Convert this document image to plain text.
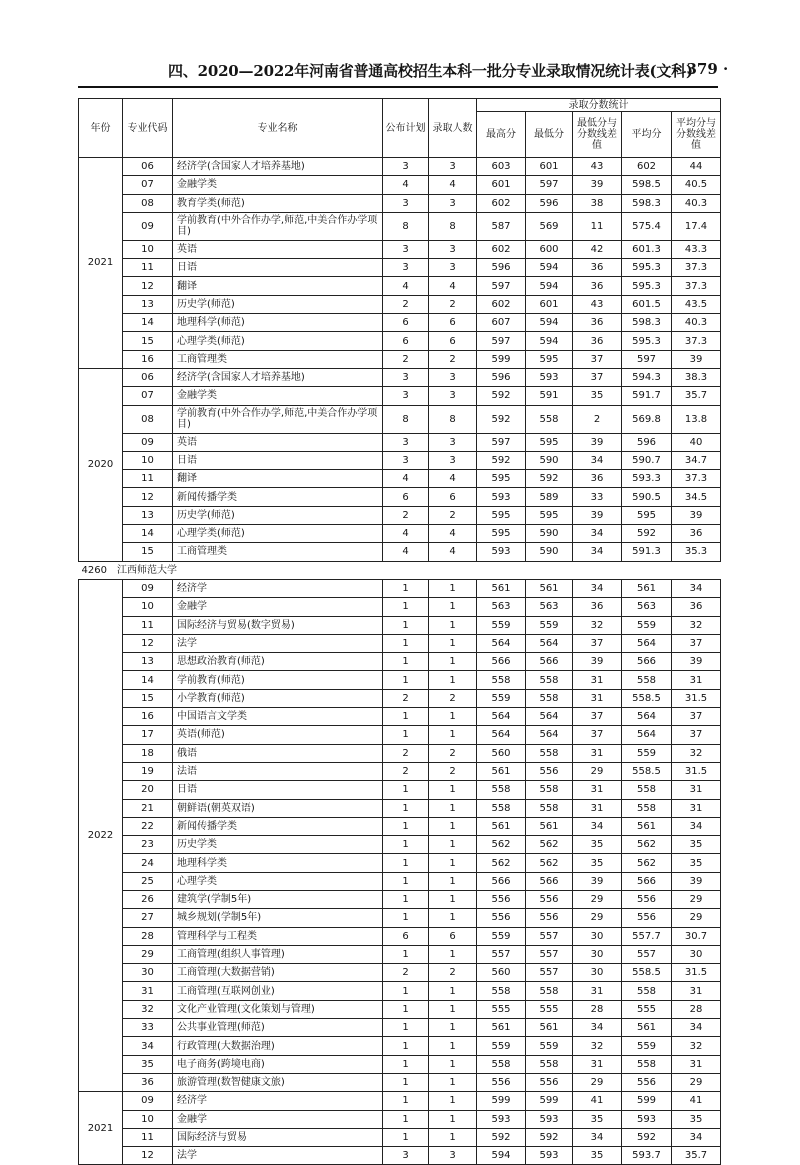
四、2020—2022年河南省普通高校招生本科一批分专业录取情况统计表(文科)
· 379 ·
年份	专业代码	专业名称	公布计划	录取人数	录取分数统计				
					最高分	最低分	最低分与分数线差值	平均分	平均分与分数线差值
2021	06	经济学(含国家人才培养基地)	3	3	603	601	43	602	44
	07	金融学类	4	4	601	597	39	598.5	40.5
	08	教育学类(师范)	3	3	602	596	38	598.3	40.3
	09	学前教育(中外合作办学,师范,中美合作办学项目)	8	8	587	569	11	575.4	17.4
	10	英语	3	3	602	600	42	601.3	43.3
	11	日语	3	3	596	594	36	595.3	37.3
	12	翻译	4	4	597	594	36	595.3	37.3
	13	历史学(师范)	2	2	602	601	43	601.5	43.5
	14	地理科学(师范)	6	6	607	594	36	598.3	40.3
	15	心理学类(师范)	6	6	597	594	36	595.3	37.3
	16	工商管理类	2	2	599	595	37	597	39
2020	06	经济学(含国家人才培养基地)	3	3	596	593	37	594.3	38.3
	07	金融学类	3	3	592	591	35	591.7	35.7
	08	学前教育(中外合作办学,师范,中美合作办学项目)	8	8	592	558	2	569.8	13.8
	09	英语	3	3	597	595	39	596	40
	10	日语	3	3	592	590	34	590.7	34.7
	11	翻译	4	4	595	592	36	593.3	37.3
	12	新闻传播学类	6	6	593	589	33	590.5	34.5
	13	历史学(师范)	2	2	595	595	39	595	39
	14	心理学类(师范)	4	4	595	590	34	592	36
	15	工商管理类	4	4	593	590	34	591.3	35.3
4260　江西师范大学									
2022	09	经济学	1	1	561	561	34	561	34
	10	金融学	1	1	563	563	36	563	36
	11	国际经济与贸易(数字贸易)	1	1	559	559	32	559	32
	12	法学	1	1	564	564	37	564	37
	13	思想政治教育(师范)	1	1	566	566	39	566	39
	14	学前教育(师范)	1	1	558	558	31	558	31
	15	小学教育(师范)	2	2	559	558	31	558.5	31.5
	16	中国语言文学类	1	1	564	564	37	564	37
	17	英语(师范)	1	1	564	564	37	564	37
	18	俄语	2	2	560	558	31	559	32
	19	法语	2	2	561	556	29	558.5	31.5
	20	日语	1	1	558	558	31	558	31
	21	朝鲜语(朝英双语)	1	1	558	558	31	558	31
	22	新闻传播学类	1	1	561	561	34	561	34
	23	历史学类	1	1	562	562	35	562	35
	24	地理科学类	1	1	562	562	35	562	35
	25	心理学类	1	1	566	566	39	566	39
	26	建筑学(学制5年)	1	1	556	556	29	556	29
	27	城乡规划(学制5年)	1	1	556	556	29	556	29
	28	管理科学与工程类	6	6	559	557	30	557.7	30.7
	29	工商管理(组织人事管理)	1	1	557	557	30	557	30
	30	工商管理(大数据营销)	2	2	560	557	30	558.5	31.5
	31	工商管理(互联网创业)	1	1	558	558	31	558	31
	32	文化产业管理(文化策划与管理)	1	1	555	555	28	555	28
	33	公共事业管理(师范)	1	1	561	561	34	561	34
	34	行政管理(大数据治理)	1	1	559	559	32	559	32
	35	电子商务(跨境电商)	1	1	558	558	31	558	31
	36	旅游管理(数智健康文旅)	1	1	556	556	29	556	29
2021	09	经济学	1	1	599	599	41	599	41
	10	金融学	1	1	593	593	35	593	35
	11	国际经济与贸易	1	1	592	592	34	592	34
	12	法学	3	3	594	593	35	593.7	35.7
